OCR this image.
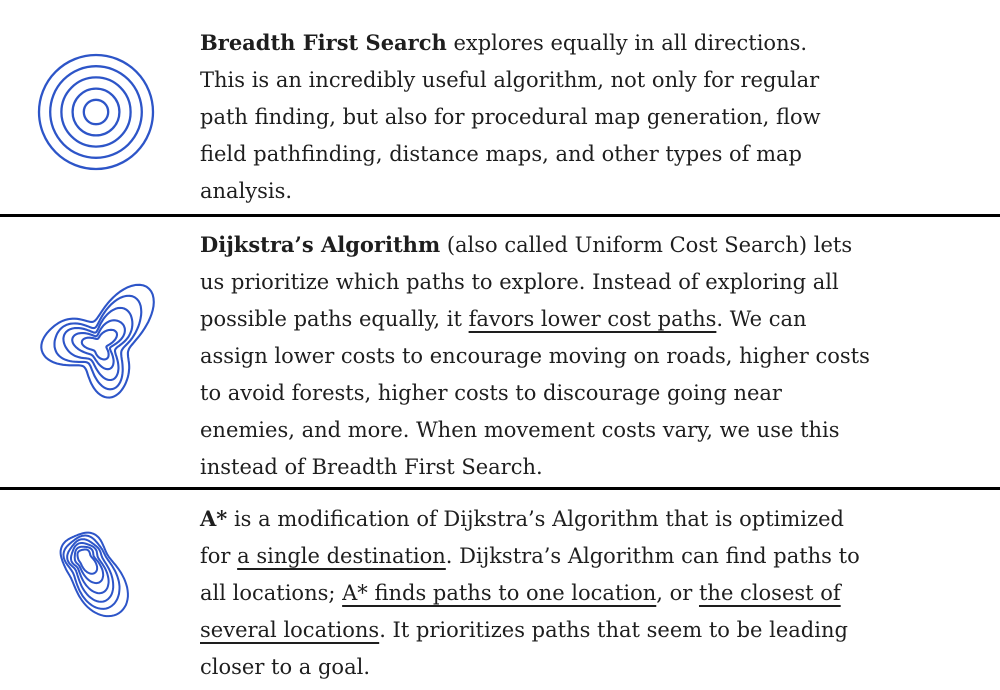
Breadth First Search explores equally in all directions.
This is an incredibly useful algorithm, not only for regular
path finding, but also for procedural map generation, flow
field pathfinding, distance maps, and other types of map
analysis.
Dijkstra’s Algorithm (also called Uniform Cost Search) lets
us prioritize which paths to explore. Instead of exploring all
possible paths equally, it favors lower cost paths. We can
assign lower costs to encourage moving on roads, higher costs
to avoid forests, higher costs to discourage going near
enemies, and more. When movement costs vary, we use this
instead of Breadth First Search.
A* is a modification of Dijkstra’s Algorithm that is optimized
for a single destination. Dijkstra’s Algorithm can find paths to
all locations; A* finds paths to one location, or the closest of
several locations. It prioritizes paths that seem to be leading
closer to a goal.
